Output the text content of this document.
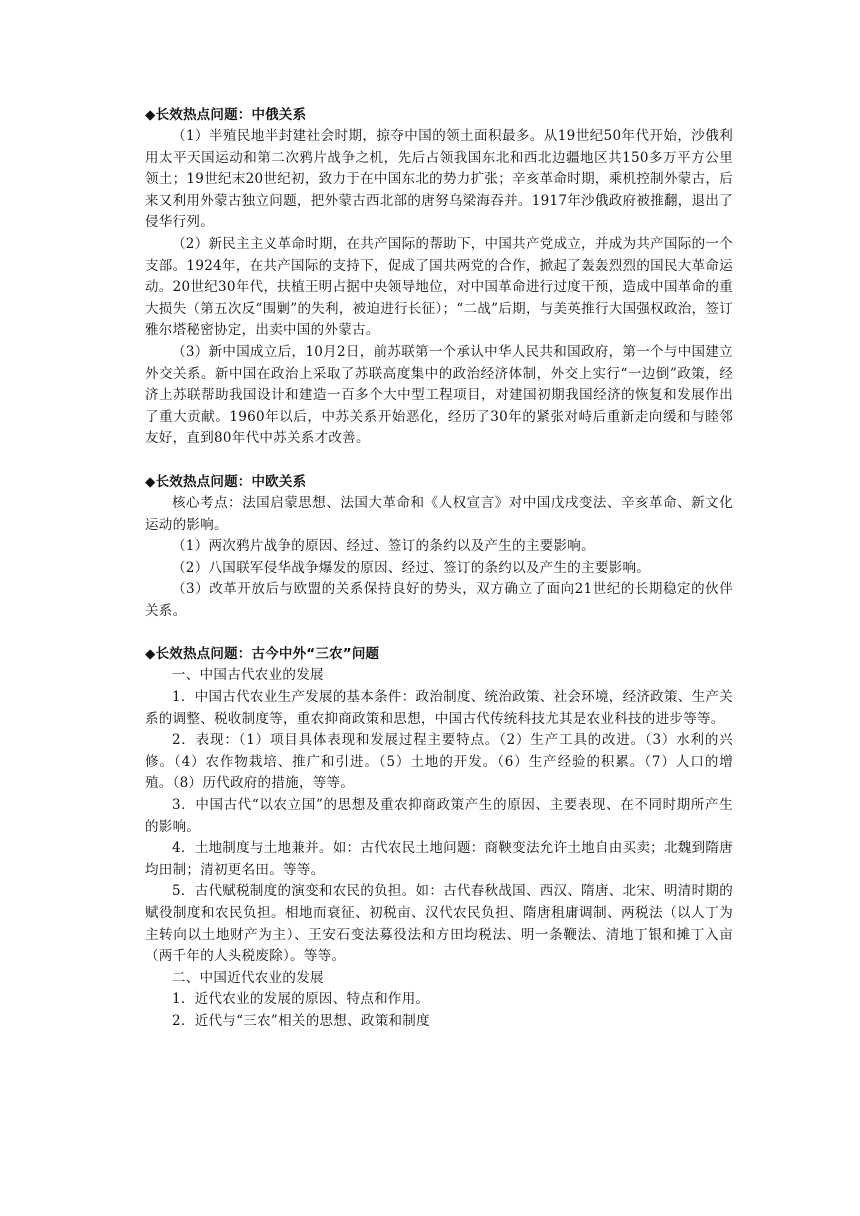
◆长效热点问题：中俄关系

（1）半殖民地半封建社会时期，掠夺中国的领土面积最多。从19世纪50年代开始，沙俄利用太平天国运动和第二次鸦片战争之机，先后占领我国东北和西北边疆地区共150多万平方公里领土；19世纪末20世纪初，致力于在中国东北的势力扩张；辛亥革命时期，乘机控制外蒙古，后来又利用外蒙古独立问题，把外蒙古西北部的唐努乌梁海吞并。1917年沙俄政府被推翻，退出了侵华行列。

（2）新民主主义革命时期，在共产国际的帮助下，中国共产党成立，并成为共产国际的一个支部。1924年，在共产国际的支持下，促成了国共两党的合作，掀起了轰轰烈烈的国民大革命运动。20世纪30年代，扶植王明占据中央领导地位，对中国革命进行过度干预，造成中国革命的重大损失（第五次反“围剿”的失利，被迫进行长征）；“二战”后期，与美英推行大国强权政治，签订雅尔塔秘密协定，出卖中国的外蒙古。

（3）新中国成立后，10月2日，前苏联第一个承认中华人民共和国政府，第一个与中国建立外交关系。新中国在政治上采取了苏联高度集中的政治经济体制，外交上实行“一边倒”政策，经济上苏联帮助我国设计和建造一百多个大中型工程项目，对建国初期我国经济的恢复和发展作出了重大贡献。1960年以后，中苏关系开始恶化，经历了30年的紧张对峙后重新走向缓和与睦邻友好，直到80年代中苏关系才改善。

◆长效热点问题：中欧关系

核心考点：法国启蒙思想、法国大革命和《人权宣言》对中国戊戌变法、辛亥革命、新文化运动的影响。

（1）两次鸦片战争的原因、经过、签订的条约以及产生的主要影响。

（2）八国联军侵华战争爆发的原因、经过、签订的条约以及产生的主要影响。

（3）改革开放后与欧盟的关系保持良好的势头，双方确立了面向21世纪的长期稳定的伙伴关系。

◆长效热点问题：古今中外“三农”问题

一、中国古代农业的发展

1．中国古代农业生产发展的基本条件：政治制度、统治政策、社会环境，经济政策、生产关系的调整、税收制度等，重农抑商政策和思想，中国古代传统科技尤其是农业科技的进步等等。

2．表现：（1）项目具体表现和发展过程主要特点。（2）生产工具的改进。（3）水利的兴修。（4）农作物栽培、推广和引进。（5）土地的开发。（6）生产经验的积累。（7）人口的增殖。（8）历代政府的措施，等等。

3．中国古代“以农立国”的思想及重农抑商政策产生的原因、主要表现、在不同时期所产生的影响。

4．土地制度与土地兼并。如：古代农民土地问题：商鞅变法允许土地自由买卖；北魏到隋唐均田制；清初更名田。等等。

5．古代赋税制度的演变和农民的负担。如：古代春秋战国、西汉、隋唐、北宋、明清时期的赋役制度和农民负担。相地而衰征、初税亩、汉代农民负担、隋唐租庸调制、两税法（以人丁为主转向以土地财产为主）、王安石变法募役法和方田均税法、明一条鞭法、清地丁银和摊丁入亩（两千年的人头税废除）。等等。

二、中国近代农业的发展

1．近代农业的发展的原因、特点和作用。

2．近代与“三农”相关的思想、政策和制度
